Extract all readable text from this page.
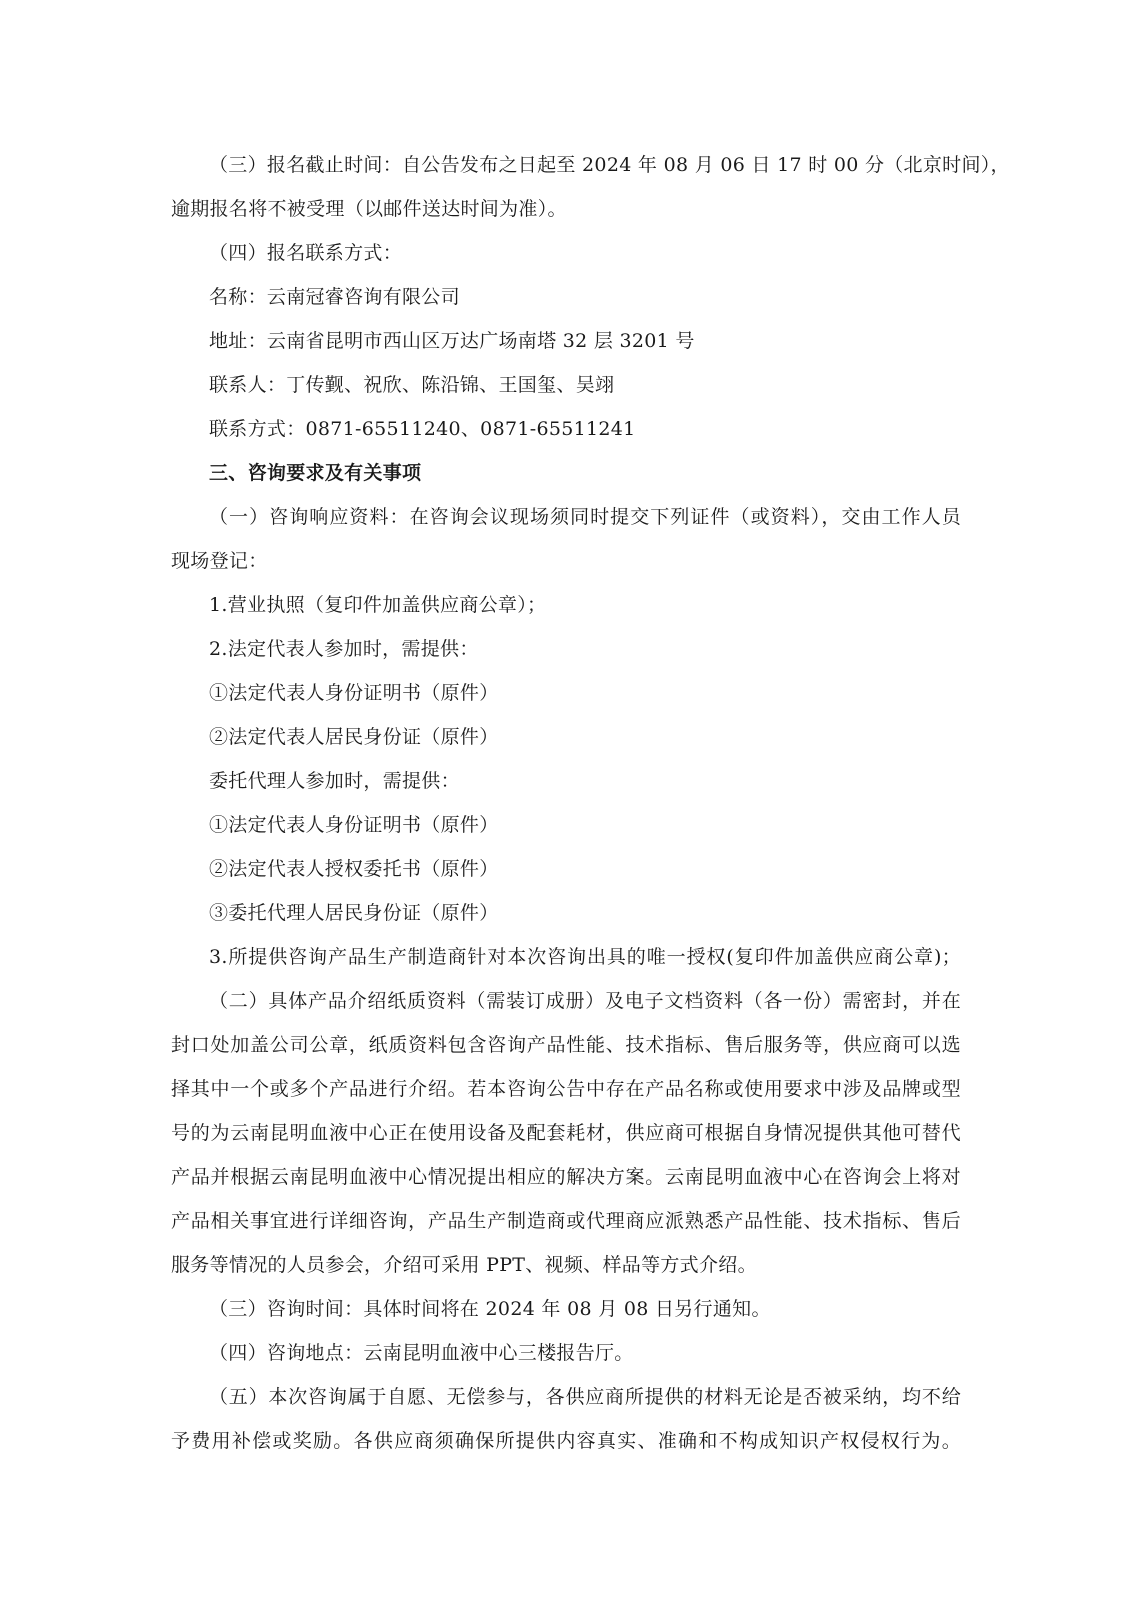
（三）报名截止时间：自公告发布之日起至 2024 年 08 月 06 日 17 时 00 分（北京时间），
逾期报名将不被受理（以邮件送达时间为准）。
（四）报名联系方式：
名称：云南冠睿咨询有限公司
地址：云南省昆明市西山区万达广场南塔 32 层 3201 号
联系人：丁传觐、祝欣、陈沿锦、王国玺、吴翊
联系方式：0871-65511240、0871-65511241
三、咨询要求及有关事项
（一）咨询响应资料：在咨询会议现场须同时提交下列证件（或资料），交由工作人员
现场登记：
1.营业执照（复印件加盖供应商公章）；
2.法定代表人参加时，需提供：
①法定代表人身份证明书（原件）
②法定代表人居民身份证（原件）
委托代理人参加时，需提供：
①法定代表人身份证明书（原件）
②法定代表人授权委托书（原件）
③委托代理人居民身份证（原件）
3.所提供咨询产品生产制造商针对本次咨询出具的唯一授权(复印件加盖供应商公章)；
（二）具体产品介绍纸质资料（需装订成册）及电子文档资料（各一份）需密封，并在
封口处加盖公司公章，纸质资料包含咨询产品性能、技术指标、售后服务等，供应商可以选
择其中一个或多个产品进行介绍。若本咨询公告中存在产品名称或使用要求中涉及品牌或型
号的为云南昆明血液中心正在使用设备及配套耗材，供应商可根据自身情况提供其他可替代
产品并根据云南昆明血液中心情况提出相应的解决方案。云南昆明血液中心在咨询会上将对
产品相关事宜进行详细咨询，产品生产制造商或代理商应派熟悉产品性能、技术指标、售后
服务等情况的人员参会，介绍可采用 PPT、视频、样品等方式介绍。
（三）咨询时间：具体时间将在 2024 年 08 月 08 日另行通知。
（四）咨询地点：云南昆明血液中心三楼报告厅。
（五）本次咨询属于自愿、无偿参与，各供应商所提供的材料无论是否被采纳，均不给
予费用补偿或奖励。各供应商须确保所提供内容真实、准确和不构成知识产权侵权行为。
